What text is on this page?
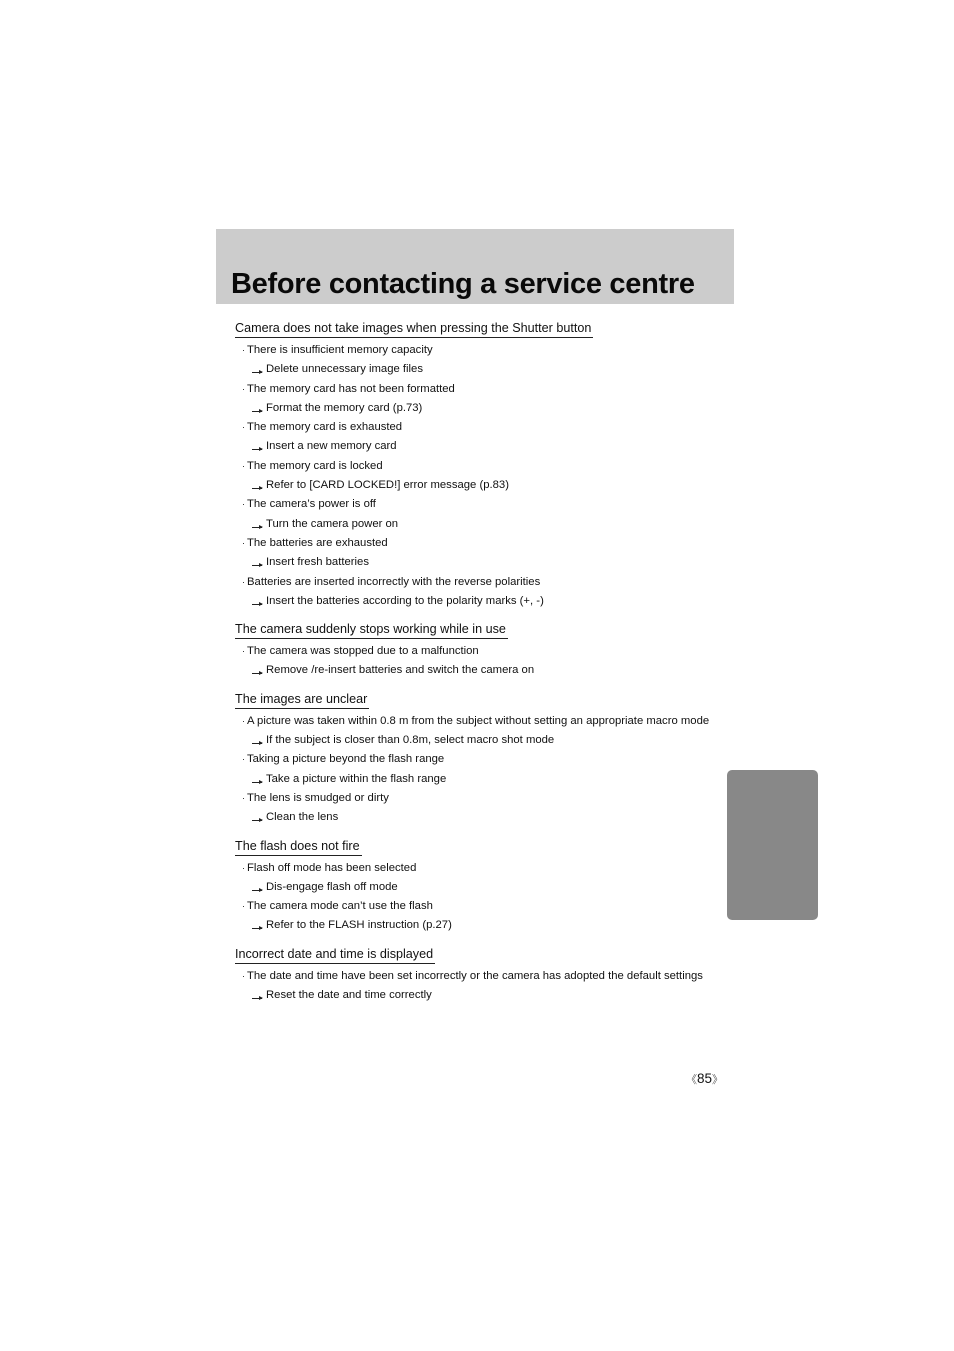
Before contacting a service centre
Camera does not take images when pressing the Shutter button
· There is insufficient memory capacity
Delete unnecessary image files
· The memory card has not been formatted
Format the memory card (p.73)
· The memory card is exhausted
Insert a new memory card
· The memory card is locked
Refer to [CARD LOCKED!] error message (p.83)
· The camera’s power is off
Turn the camera power on
· The batteries are exhausted
Insert fresh batteries
· Batteries are inserted incorrectly with the reverse polarities
Insert the batteries according to the polarity marks (+, -)
The camera suddenly stops working while in use
· The camera was stopped due to a malfunction
Remove /re-insert batteries and switch the camera on
The images are unclear
· A picture was taken within 0.8 m from the subject without setting an appropriate macro mode
If the subject is closer than 0.8m, select macro shot mode
· Taking a picture beyond the flash range
Take a picture within the flash range
· The lens is smudged or dirty
Clean the lens
The flash does not fire
· Flash off mode has been selected
Dis-engage flash off mode
· The camera mode can’t use the flash
Refer to the FLASH instruction (p.27)
Incorrect date and time is displayed
· The date and time have been set incorrectly or the camera has adopted the default settings
Reset the date and time correctly
《85》
